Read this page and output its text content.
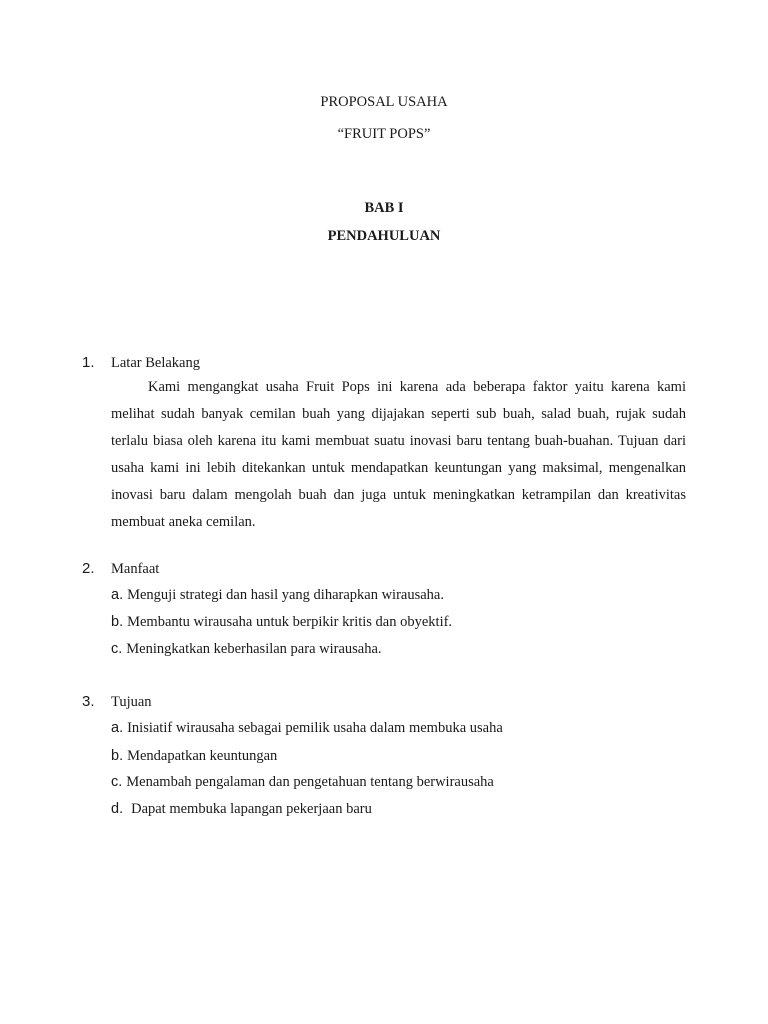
PROPOSAL USAHA
“FRUIT POPS”
BAB I
PENDAHULUAN
1. Latar Belakang
Kami mengangkat usaha Fruit Pops ini karena ada beberapa faktor yaitu karena kami melihat sudah banyak cemilan buah yang dijajakan seperti sub buah, salad buah, rujak sudah terlalu biasa oleh karena itu kami membuat suatu inovasi baru tentang buah-buahan. Tujuan dari usaha kami ini lebih ditekankan untuk mendapatkan keuntungan yang maksimal, mengenalkan inovasi baru dalam mengolah buah dan juga untuk meningkatkan ketrampilan dan kreativitas membuat aneka cemilan.
2. Manfaat
a. Menguji strategi dan hasil yang diharapkan wirausaha.
b. Membantu wirausaha untuk berpikir kritis dan obyektif.
c. Meningkatkan keberhasilan para wirausaha.
3. Tujuan
a. Inisiatif wirausaha sebagai pemilik usaha dalam membuka usaha
b. Mendapatkan keuntungan
c. Menambah pengalaman dan pengetahuan tentang berwirausaha
d. Dapat membuka lapangan pekerjaan baru
